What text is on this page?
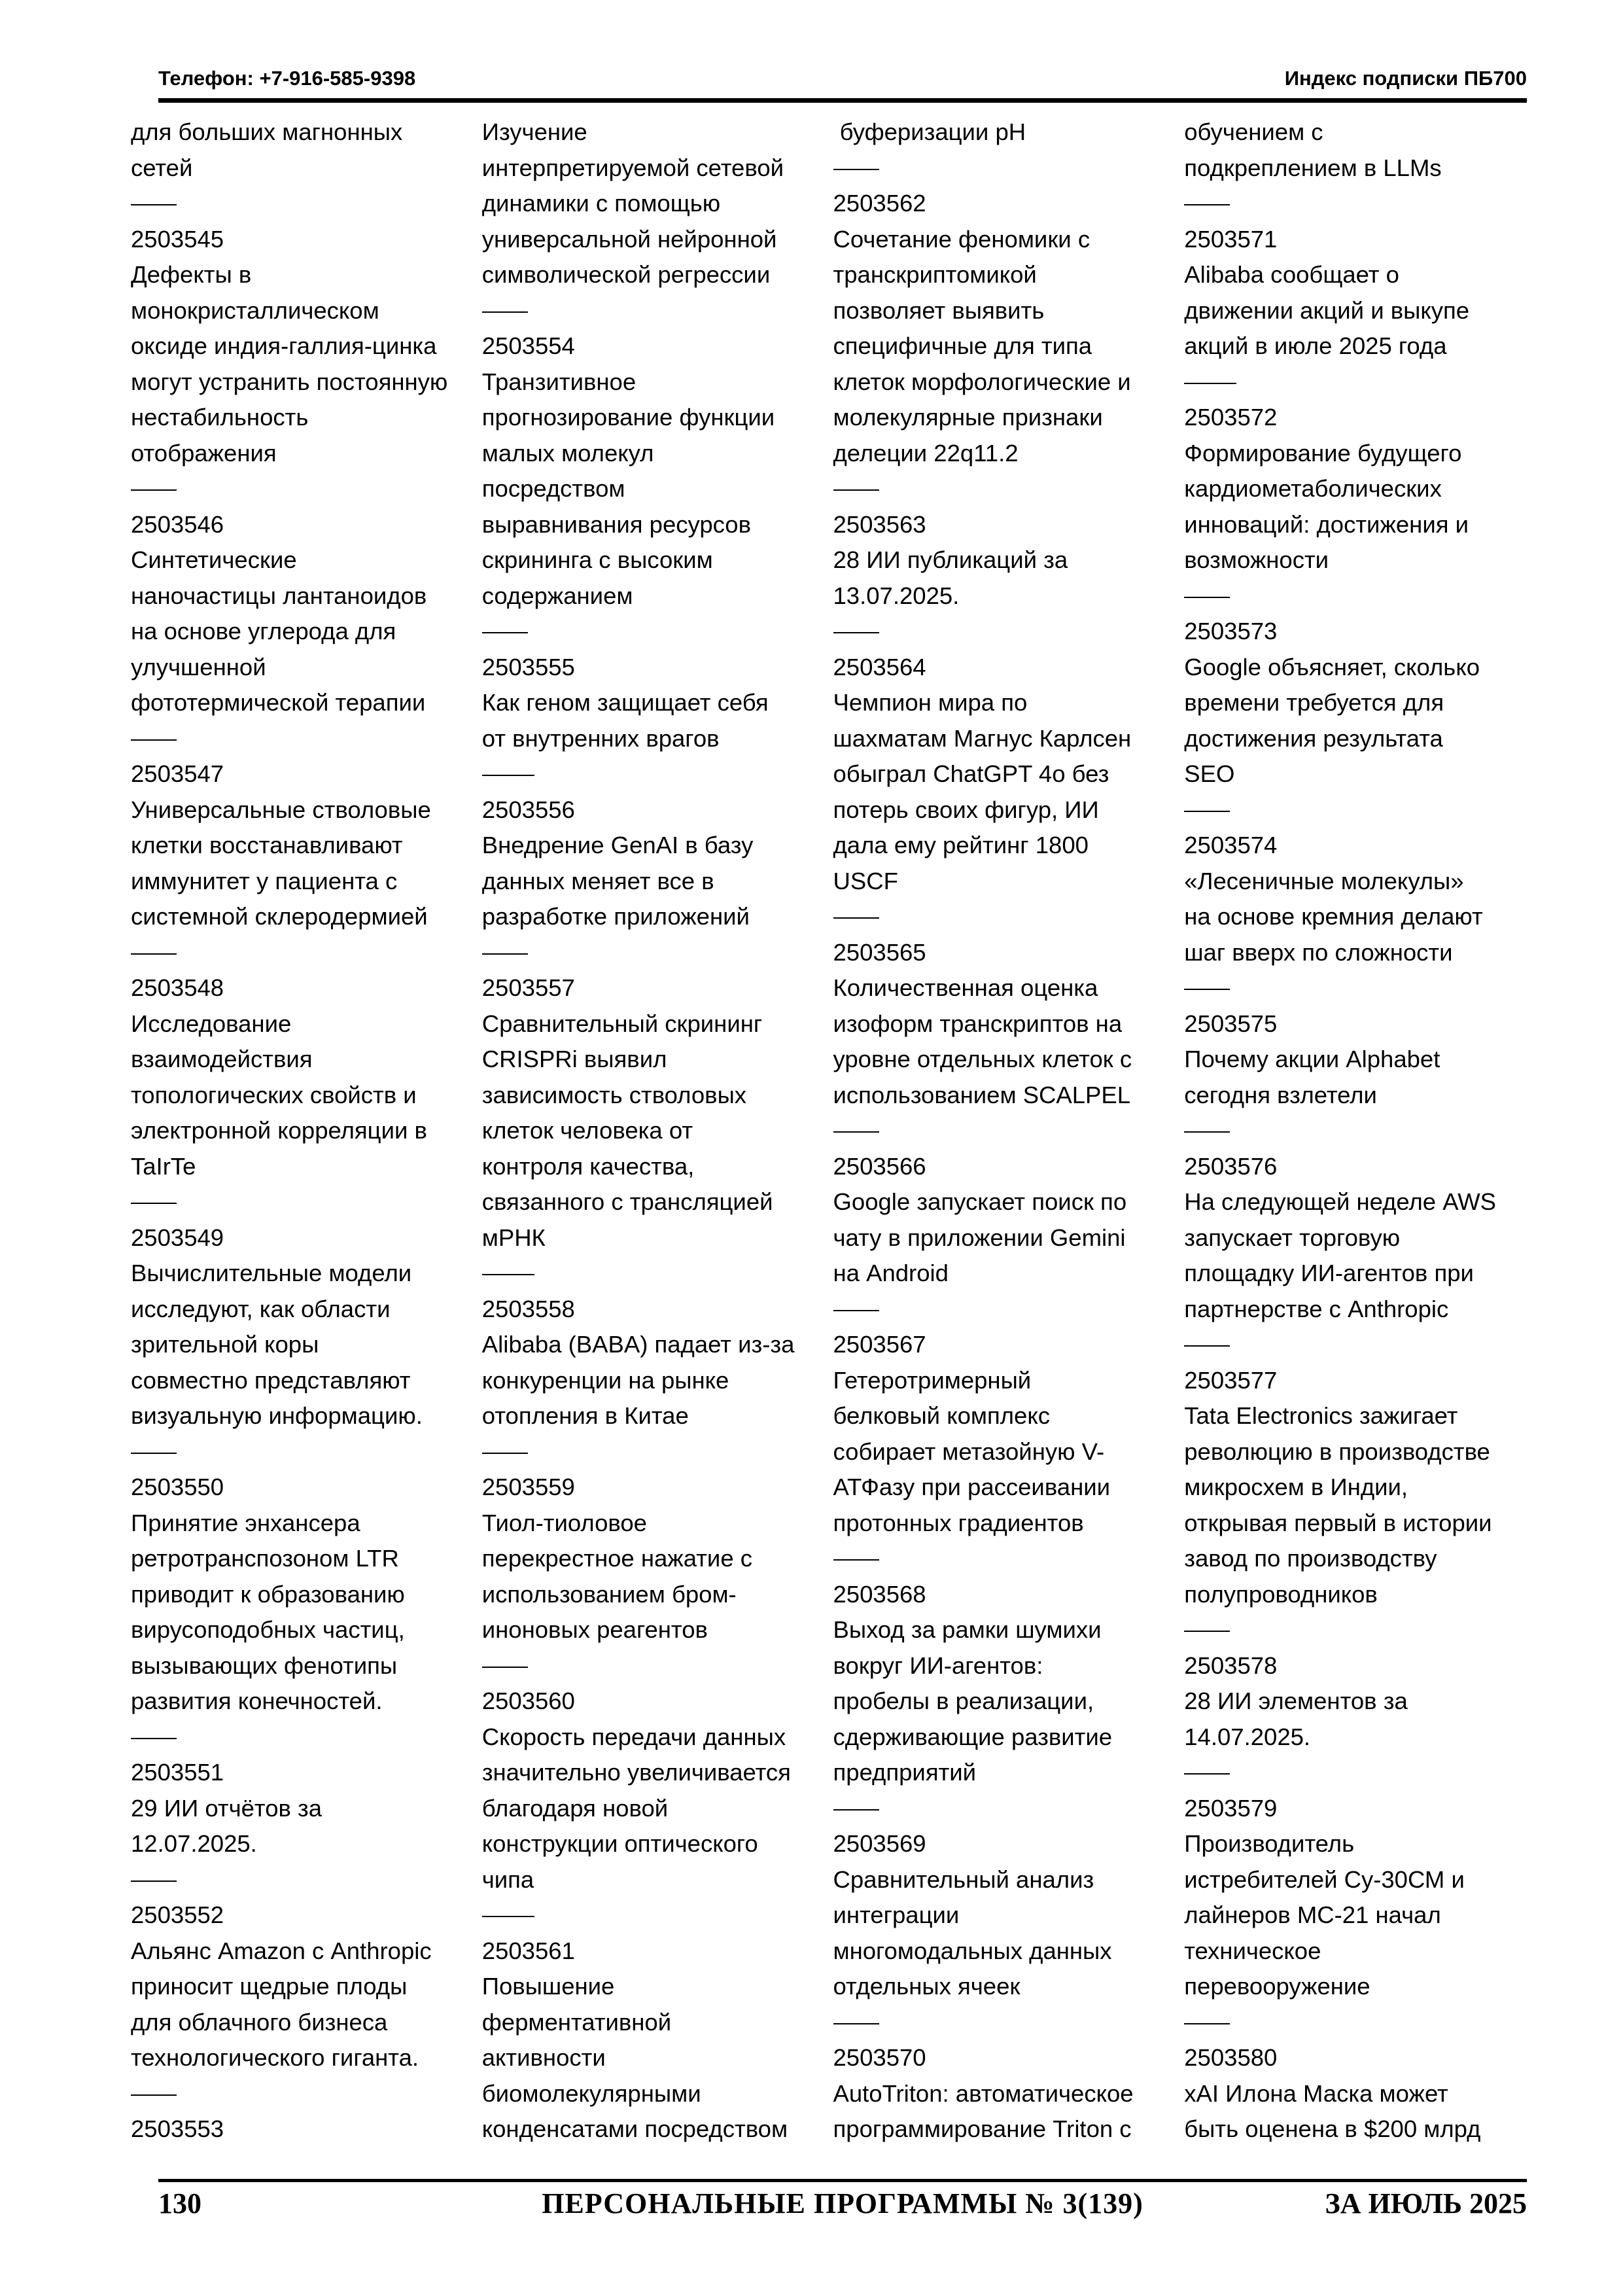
Телефон: +7-916-585-9398	Индекс подписки ПБ700
для больших магнонных
сетей
2503545
Дефекты в
монокристаллическом
оксиде индия-галлия-цинка
могут устранить постоянную
нестабильность
отображения
2503546
Синтетические
наночастицы лантаноидов
на основе углерода для
улучшенной
фототермической терапии
2503547
Универсальные стволовые
клетки восстанавливают
иммунитет у пациента с
системной склеродермией
2503548
Исследование
взаимодействия
топологических свойств и
электронной корреляции в
TaIrTe
2503549
Вычислительные модели
исследуют, как области
зрительной коры
совместно представляют
визуальную информацию.
2503550
Принятие энхансера
ретротранспозоном LTR
приводит к образованию
вирусоподобных частиц,
вызывающих фенотипы
развития конечностей.
2503551
29 ИИ отчётов за
12.07.2025.
2503552
Альянс Amazon с Anthropic
приносит щедрые плоды
для облачного бизнеса
технологического гиганта.
2503553
Изучение
интерпретируемой сетевой
динамики с помощью
универсальной нейронной
символической регрессии
2503554
Транзитивное
прогнозирование функции
малых молекул
посредством
выравнивания ресурсов
скрининга с высоким
содержанием
2503555
Как геном защищает себя
от внутренних врагов
2503556
Внедрение GenAI в базу
данных меняет все в
разработке приложений
2503557
Сравнительный скрининг
CRISPRi выявил
зависимость стволовых
клеток человека от
контроля качества,
связанного с трансляцией
мРНК
2503558
Alibaba (BABA) падает из-за
конкуренции на рынке
отопления в Китае
2503559
Тиол-тиоловое
перекрестное нажатие с
использованием бром-
иноновых реагентов
2503560
Скорость передачи данных
значительно увеличивается
благодаря новой
конструкции оптического
чипа
2503561
Повышение
ферментативной
активности
биомолекулярными
конденсатами посредством
буферизации pH
2503562
Сочетание феномики с
транскриптомикой
позволяет выявить
специфичные для типа
клеток морфологические и
молекулярные признаки
делеции 22q11.2
2503563
28 ИИ публикаций за
13.07.2025.
2503564
Чемпион мира по
шахматам Магнус Карлсен
обыграл ChatGPT 4o без
потерь своих фигур, ИИ
дала ему рейтинг 1800
USCF
2503565
Количественная оценка
изоформ транскриптов на
уровне отдельных клеток с
использованием SCALPEL
2503566
Google запускает поиск по
чату в приложении Gemini
на Android
2503567
Гетеротримерный
белковый комплекс
собирает метазойную V-
АТФазу при рассеивании
протонных градиентов
2503568
Выход за рамки шумихи
вокруг ИИ-агентов:
пробелы в реализации,
сдерживающие развитие
предприятий
2503569
Сравнительный анализ
интеграции
многомодальных данных
отдельных ячеек
2503570
AutoTriton: автоматическое
программирование Triton с
обучением с
подкреплением в LLMs
2503571
Alibaba сообщает о
движении акций и выкупе
акций в июле 2025 года
2503572
Формирование будущего
кардиометаболических
инноваций: достижения и
возможности
2503573
Google объясняет, сколько
времени требуется для
достижения результата
SEO
2503574
«Лесеничные молекулы»
на основе кремния делают
шаг вверх по сложности
2503575
Почему акции Alphabet
сегодня взлетели
2503576
На следующей неделе AWS
запускает торговую
площадку ИИ-агентов при
партнерстве с Anthropic
2503577
Tata Electronics зажигает
революцию в производстве
микросхем в Индии,
открывая первый в истории
завод по производству
полупроводников
2503578
28 ИИ элементов за
14.07.2025.
2503579
Производитель
истребителей Су-30СМ и
лайнеров МС-21 начал
техническое
перевооружение
2503580
xAI Илона Маска может
быть оценена в $200 млрд
130	ПЕРСОНАЛЬНЫЕ ПРОГРАММЫ № 3(139)	ЗА ИЮЛЬ 2025
